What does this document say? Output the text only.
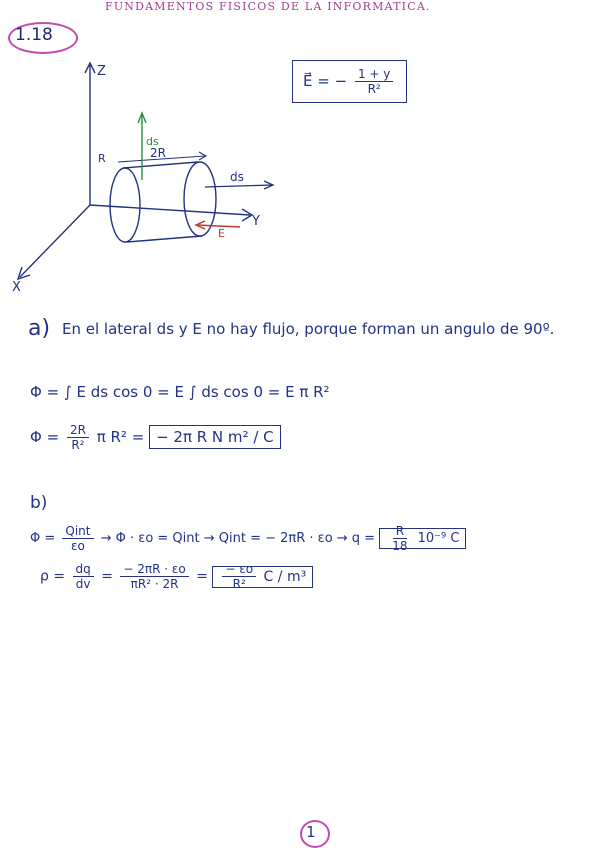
FUNDAMENTOS FISICOS DE LA INFORMATICA.
1.18
Z
Y
X
ds
R	2R
ds
E
E⃗ = − $\frac{1 + y}{\text{R²}}$
a) En el lateral ds y E no hay flujo, porque forman un angulo de 90º.
Φ = ∫ E ds cos 0 = E ∫ ds cos 0 = E π R²
$\Phi = \frac{2R}{\text{R²}}$ π R² = − 2π R N m² / C
b)
$\Phi = \frac{\text{Qint}}{\varepsilon o} \to \Phi \cdot \varepsilon o$ = Qint → Qint = − $2\pi R \cdot \varepsilon o \to q = \frac{R}{18} 10^{-9}$ C
$\rho = \frac{dq}{dv} = \frac{- 2\pi R \cdot \varepsilon o}{\text{πR² · 2R}} = \frac{- \varepsilon o}{\text{R²}}$ C / m³
1
